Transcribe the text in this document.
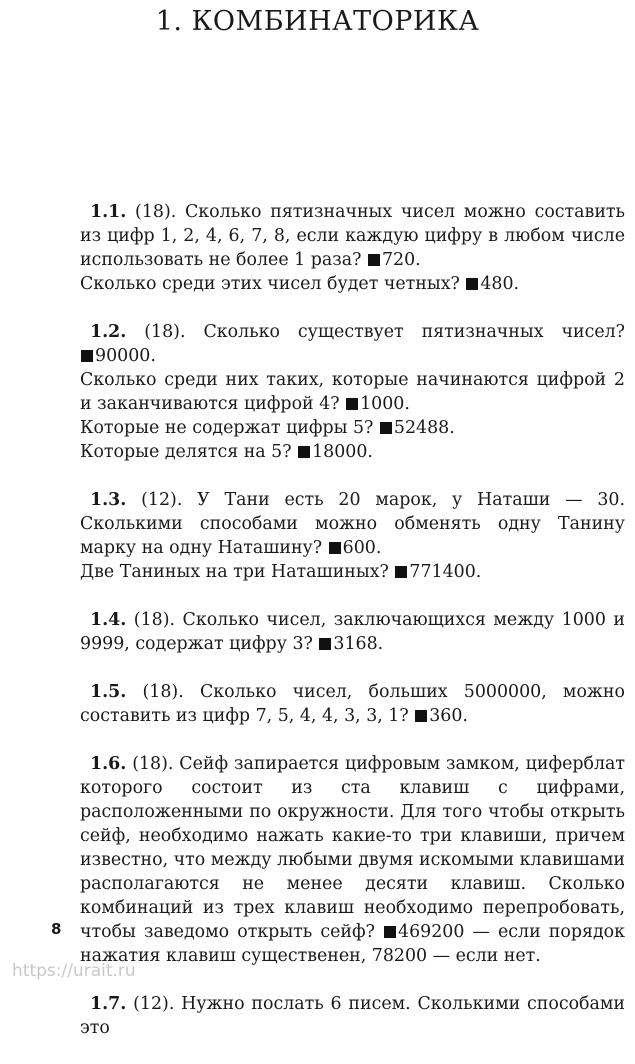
1. КОМБИНАТОРИКА

1.1. (18). Сколько пятизначных чисел можно составить из цифр 1, 2, 4, 6, 7, 8, если каждую цифру в любом числе использовать не более 1 раза? 720.

Сколько среди этих чисел будет четных? 480.

1.2. (18). Сколько существует пятизначных чисел? 90000.

Сколько среди них таких, которые начинаются цифрой 2 и заканчиваются цифрой 4? 1000.

Которые не содержат цифры 5? 52488.

Которые делятся на 5? 18000.

1.3. (12). У Тани есть 20 марок, у Наташи — 30. Сколькими способами можно обменять одну Танину марку на одну Наташину? 600.

Две Таниных на три Наташиных? 771400.

1.4. (18). Сколько чисел, заключающихся между 1000 и 9999, содержат цифру 3? 3168.

1.5. (18). Сколько чисел, больших 5000000, можно составить из цифр 7, 5, 4, 4, 3, 3, 1? 360.

1.6. (18). Сейф запирается цифровым замком, циферблат которого состоит из ста клавиш с цифрами, расположенными по окружности. Для того чтобы открыть сейф, необходимо нажать какие-то три клавиши, причем известно, что между любыми двумя искомыми клавишами располагаются не менее десяти клавиш. Сколько комбинаций из трех клавиш необходимо перепробовать, чтобы заведомо открыть сейф? 469200 — если порядок нажатия клавиш существенен, 78200 — если нет.

1.7. (12). Нужно послать 6 писем. Сколькими способами это

8
https://urait.ru
